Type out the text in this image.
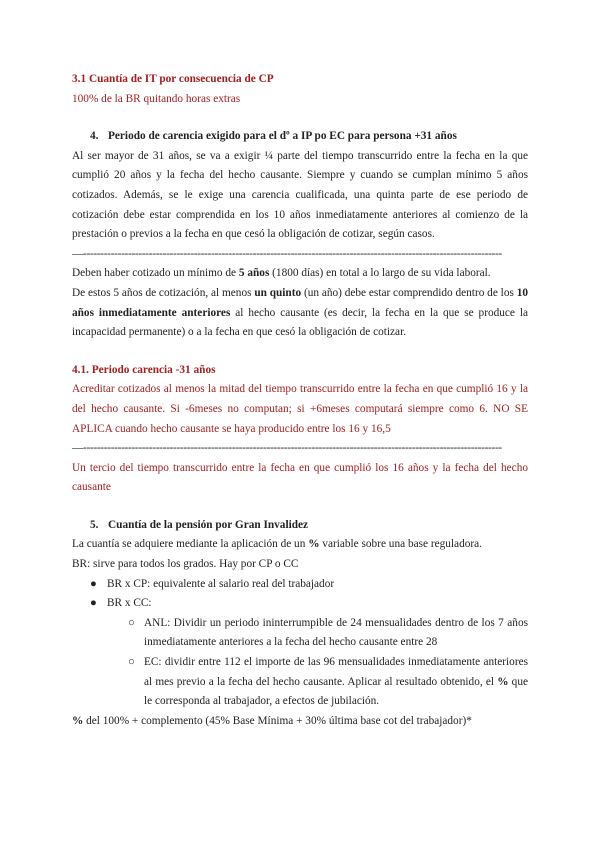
3.1 Cuantía de IT por consecuencia de CP

100% de la BR quitando horas extras

4. Periodo de carencia exigido para el dº a IP po EC para persona +31 años

Al ser mayor de 31 años, se va a exigir ¼ parte del tiempo transcurrido entre la fecha en la que cumplió 20 años y la fecha del hecho causante. Siempre y cuando se cumplan mínimo 5 años cotizados. Además, se le exige una carencia cualificada, una quinta parte de ese periodo de cotización debe estar comprendida en los 10 años inmediatamente anteriores al comienzo de la prestación o previos a la fecha en que cesó la obligación de cotizar, según casos.

—-------------------------------------------------------------------------------------------------------------------------

Deben haber cotizado un mínimo de 5 años (1800 días) en total a lo largo de su vida laboral.

De estos 5 años de cotización, al menos un quinto (un año) debe estar comprendido dentro de los 10 años inmediatamente anteriores al hecho causante (es decir, la fecha en la que se produce la incapacidad permanente) o a la fecha en que cesó la obligación de cotizar.

4.1. Periodo carencia -31 años

Acreditar cotizados al menos la mitad del tiempo transcurrido entre la fecha en que cumplió 16 y la del hecho causante. Si -6meses no computan; si +6meses computará siempre como 6. NO SE APLICA cuando hecho causante se haya producido entre los 16 y 16,5

—-------------------------------------------------------------------------------------------------------------------------

Un tercio del tiempo transcurrido entre la fecha en que cumplió los 16 años y la fecha del hecho causante

5. Cuantía de la pensión por Gran Invalidez

La cuantía se adquiere mediante la aplicación de un % variable sobre una base reguladora.

BR: sirve para todos los grados. Hay por CP o CC

● BR x CP: equivalente al salario real del trabajador
● BR x CC:
○ ANL: Dividir un periodo ininterrumpible de 24 mensualidades dentro de los 7 años inmediatamente anteriores a la fecha del hecho causante entre 28
○ EC: dividir entre 112 el importe de las 96 mensualidades inmediatamente anteriores al mes previo a la fecha del hecho causante. Aplicar al resultado obtenido, el % que le corresponda al trabajador, a efectos de jubilación.

% del 100% + complemento (45% Base Mínima + 30% última base cot del trabajador)*
